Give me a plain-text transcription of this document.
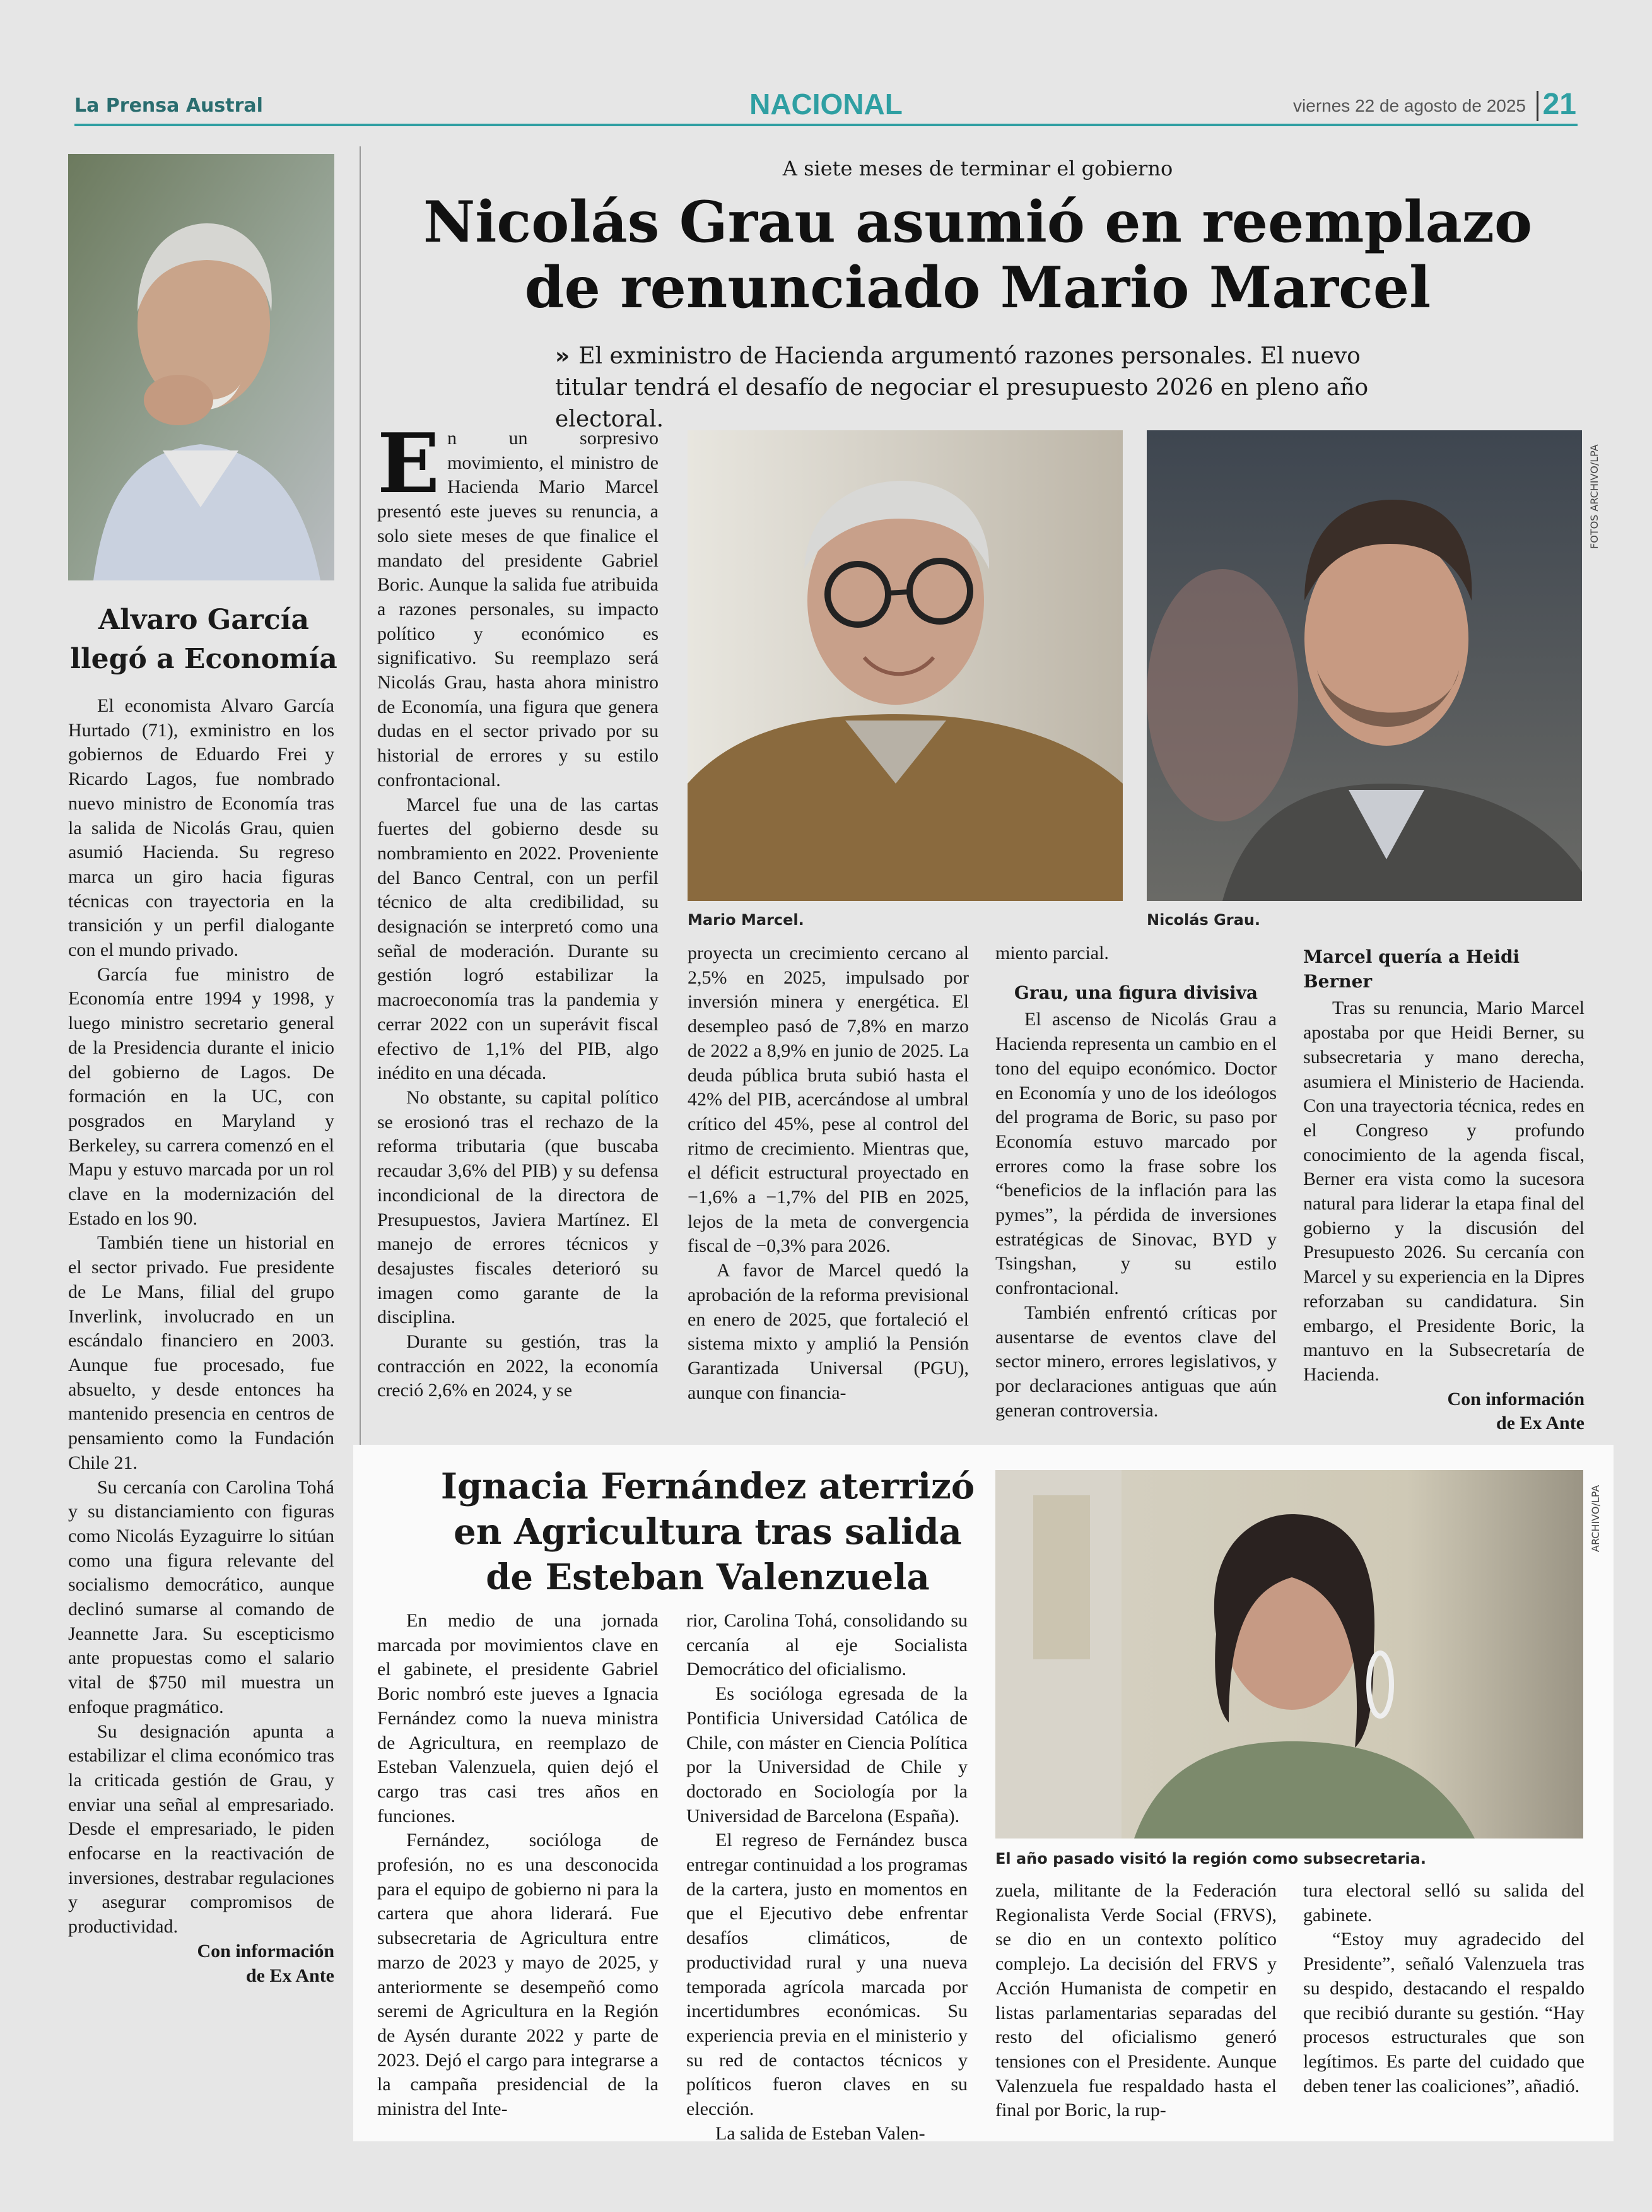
La Prensa Austral	NACIONAL	viernes 22 de agosto de 2025 21
Alvaro García
llegó a Economía

El economista Alvaro García Hurtado (71), exministro en los gobiernos de Eduardo Frei y Ricardo Lagos, fue nombrado nuevo ministro de Economía tras la salida de Nicolás Grau, quien asumió Hacienda. Su regreso marca un giro hacia figuras técnicas con trayectoria en la transición y un perfil dialogante con el mundo privado.

García fue ministro de Economía entre 1994 y 1998, y luego ministro secretario general de la Presidencia durante el inicio del gobierno de Lagos. De formación en la UC, con posgrados en Maryland y Berkeley, su carrera comenzó en el Mapu y estuvo marcada por un rol clave en la modernización del Estado en los 90.

También tiene un historial en el sector privado. Fue presidente de Le Mans, filial del grupo Inverlink, involucrado en un escándalo financiero en 2003. Aunque fue procesado, fue absuelto, y desde entonces ha mantenido presencia en centros de pensamiento como la Fundación Chile 21.

Su cercanía con Carolina Tohá y su distanciamiento con figuras como Nicolás Eyzaguirre lo sitúan como una figura relevante del socialismo democrático, aunque declinó sumarse al comando de Jeannette Jara. Su escepticismo ante propuestas como el salario vital de $750 mil muestra un enfoque pragmático.

Su designación apunta a estabilizar el clima económico tras la criticada gestión de Grau, y enviar una señal al empresariado. Desde el empresariado, le piden enfocarse en la reactivación de inversiones, destrabar regulaciones y asegurar compromisos de productividad.

Con información

de Ex Ante

A siete meses de terminar el gobierno
Nicolás Grau asumió en reemplazo
de renunciado Mario Marcel
» El exministro de Hacienda argumentó razones personales. El nuevo titular tendrá el desafío de negociar el presupuesto 2026 en pleno año electoral.

En un sorpresivo movimiento, el ministro de Hacienda Mario Marcel presentó este jueves su renuncia, a solo siete meses de que finalice el mandato del presidente Gabriel Boric. Aunque la salida fue atribuida a razones personales, su impacto político y económico es significativo. Su reemplazo será Nicolás Grau, hasta ahora ministro de Economía, una figura que genera dudas en el sector privado por su historial de errores y su estilo confrontacional.

Marcel fue una de las cartas fuertes del gobierno desde su nombramiento en 2022. Proveniente del Banco Central, con un perfil técnico de alta credibilidad, su designación se interpretó como una señal de moderación. Durante su gestión logró estabilizar la macroeconomía tras la pandemia y cerrar 2022 con un superávit fiscal efectivo de 1,1% del PIB, algo inédito en una década.

No obstante, su capital político se erosionó tras el rechazo de la reforma tributaria (que buscaba recaudar 3,6% del PIB) y su defensa incondicional de la directora de Presupuestos, Javiera Martínez. El manejo de errores técnicos y desajustes fiscales deterioró su imagen como garante de la disciplina.

Durante su gestión, tras la contracción en 2022, la economía creció 2,6% en 2024, y se

Mario Marcel.	Nicolás Grau.
FOTOS ARCHIVO/LPA

proyecta un crecimiento cercano al 2,5% en 2025, impulsado por inversión minera y energética. El desempleo pasó de 7,8% en marzo de 2022 a 8,9% en junio de 2025. La deuda pública bruta subió hasta el 42% del PIB, acercándose al umbral crítico del 45%, pese al control del ritmo de crecimiento. Mientras que, el déficit estructural proyectado en −1,6% a −1,7% del PIB en 2025, lejos de la meta de convergencia fiscal de −0,3% para 2026.

A favor de Marcel quedó la aprobación de la reforma previsional en enero de 2025, que fortaleció el sistema mixto y amplió la Pensión Garantizada Universal (PGU), aunque con financia-

miento parcial.

Grau, una figura divisiva

El ascenso de Nicolás Grau a Hacienda representa un cambio en el tono del equipo económico. Doctor en Economía y uno de los ideólogos del programa de Boric, su paso por Economía estuvo marcado por errores como la frase sobre los “beneficios de la inflación para las pymes”, la pérdida de inversiones estratégicas de Sinovac, BYD y Tsingshan, y su estilo confrontacional.

También enfrentó críticas por ausentarse de eventos clave del sector minero, errores legislativos, y por declaraciones antiguas que aún generan controversia.

Marcel quería a Heidi Berner

Tras su renuncia, Mario Marcel apostaba por que Heidi Berner, su subsecretaria y mano derecha, asumiera el Ministerio de Hacienda. Con una trayectoria técnica, redes en el Congreso y profundo conocimiento de la agenda fiscal, Berner era vista como la sucesora natural para liderar la etapa final del gobierno y la discusión del Presupuesto 2026. Su cercanía con Marcel y su experiencia en la Dipres reforzaban su candidatura. Sin embargo, el Presidente Boric, la mantuvo en la Subsecretaría de Hacienda.

Con información

de Ex Ante

Ignacia Fernández aterrizó
en Agricultura tras salida
de Esteban Valenzuela
El año pasado visitó la región como subsecretaria.
ARCHIVO/LPA

En medio de una jornada marcada por movimientos clave en el gabinete, el presidente Gabriel Boric nombró este jueves a Ignacia Fernández como la nueva ministra de Agricultura, en reemplazo de Esteban Valenzuela, quien dejó el cargo tras casi tres años en funciones.

Fernández, socióloga de profesión, no es una desconocida para el equipo de gobierno ni para la cartera que ahora liderará. Fue subsecretaria de Agricultura entre marzo de 2023 y mayo de 2025, y anteriormente se desempeñó como seremi de Agricultura en la Región de Aysén durante 2022 y parte de 2023. Dejó el cargo para integrarse a la campaña presidencial de la ministra del Inte-

rior, Carolina Tohá, consolidando su cercanía al eje Socialista Democrático del oficialismo.

Es socióloga egresada de la Pontificia Universidad Católica de Chile, con máster en Ciencia Política por la Universidad de Chile y doctorado en Sociología por la Universidad de Barcelona (España).

El regreso de Fernández busca entregar continuidad a los programas de la cartera, justo en momentos en que el Ejecutivo debe enfrentar desafíos climáticos, de productividad rural y una nueva temporada agrícola marcada por incertidumbres económicas. Su experiencia previa en el ministerio y su red de contactos técnicos y políticos fueron claves en su elección.

La salida de Esteban Valen-

zuela, militante de la Federación Regionalista Verde Social (FRVS), se dio en un contexto político complejo. La decisión del FRVS y Acción Humanista de competir en listas parlamentarias separadas del resto del oficialismo generó tensiones con el Presidente. Aunque Valenzuela fue respaldado hasta el final por Boric, la rup-

tura electoral selló su salida del gabinete.

“Estoy muy agradecido del Presidente”, señaló Valenzuela tras su despido, destacando el respaldo que recibió durante su gestión. “Hay procesos estructurales que son legítimos. Es parte del cuidado que deben tener las coaliciones”, añadió.
